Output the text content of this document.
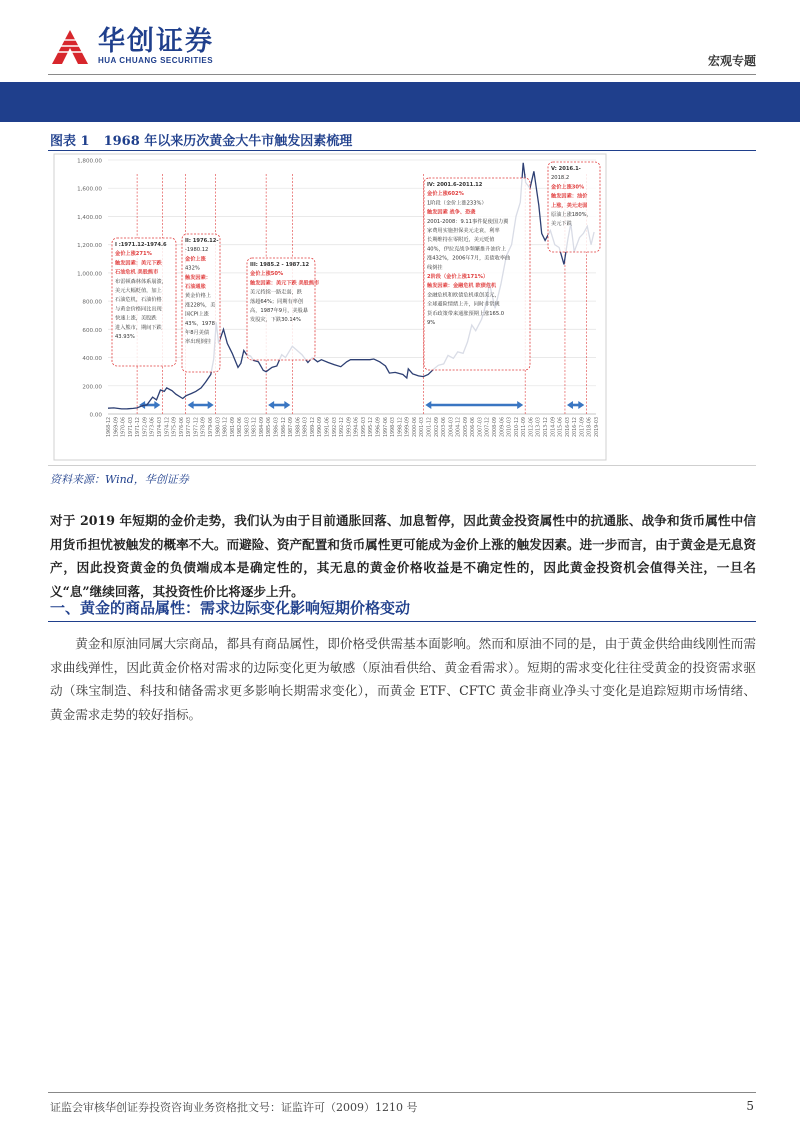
华创证券
HUA CHUANG SECURITIES	宏观专题
图表 1 1968 年以来历次黄金大牛市触发因素梳理
0.00
200.00
400.00
600.00
800.00
1,000.00
1,200.00
1,400.00
1,600.00
1,800.00
1968-12 1969-09 1970-06 1971-03 1971-12 1972-09 1973-06 1974-03 1974-12 1975-09 1976-06 1977-03 1977-12 1978-09 1979-06 1980-03 1980-12 1981-09 1982-06 1983-03 1983-12 1984-09 1985-06 1986-03 1986-12 1987-09 1988-06 1989-03 1989-12 1990-09 1991-06 1992-03 1992-12 1993-09 1994-06 1995-03 1995-12 1996-09 1997-06 1998-03 1998-12 1999-09 2000-06 2001-03 2001-12 2002-09 2003-06 2004-03 2004-12 2005-09 2006-06 2007-03 2007-12 2008-09 2009-06 2010-03 2010-12 2011-09 2012-06 2013-03 2013-12 2014-09 2015-06 2016-03 2016-12 2017-09 2018-06 2019-03
I :1971.12-1974.6
金价上涨271%
触发因素：美元下跌
石油危机 美股熊市
布雷顿森林体系崩溃，
美元大幅贬值，加上
石油危机，石油价格
与黄金价格同比出现
快速上涨，美股跌
进入熊市，期间下跌
43.93%
II: 1976.12-
-1980.12
金价上涨
432%
触发因素：
石油通胀
黄金价格上
涨228%，美
国CPI上涨
43%，1978
年8月美债
率出现倒挂
III: 1985.2 - 1987.12
金价上涨50%
触发因素：美元下跌 美股熊市
美元持续一路走弱，跌
落超64%；同期有率创
高，1987年9月，美股暴
发股灾，下跌30.14%
IV: 2001.6-2011.12
金价上涨602%
1阶段（金价上涨233%）
触发因素 战争、恐袭
2001-2008：9.11事件促使国力翼
家费用实施担保美元走衰，利率
长期维持在零附近，美元贬值
40%，伊拉克战争频繁推升油价上
涨432%，2006年7月，美债收率曲
线倒挂
2阶段（金价上涨171%）
触发因素：金融危机 欧债危机
金融危机和欧债危机重创美元，
全球避险情绪上升，同时非常规
货币政策带来通胀预期上涨165.0
9%
V: 2016.1-
2018.2
金价上涨30%
触发因素：油价
上涨，美元走弱
原油上涨180%，
美元下跌
资料来源：Wind，华创证券
对于 2019 年短期的金价走势，我们认为由于目前通胀回落、加息暂停，因此黄金投资属性中的抗通胀、战争和货币属性中信用货币担忧被触发的概率不大。而避险、资产配置和货币属性更可能成为金价上涨的触发因素。进一步而言，由于黄金是无息资产，因此投资黄金的负债端成本是确定性的，其无息的黄金价格收益是不确定性的，因此黄金投资机会值得关注，一旦名义“息”继续回落，其投资性价比将逐步上升。
一、黄金的商品属性：需求边际变化影响短期价格变动
黄金和原油同属大宗商品，都具有商品属性，即价格受供需基本面影响。然而和原油不同的是，由于黄金供给曲线刚性而需求曲线弹性，因此黄金价格对需求的边际变化更为敏感（原油看供给、黄金看需求）。短期的需求变化往往受黄金的投资需求驱动（珠宝制造、科技和储备需求更多影响长期需求变化），而黄金 ETF、CFTC 黄金非商业净头寸变化是追踪短期市场情绪、黄金需求走势的较好指标。
证监会审核华创证券投资咨询业务资格批文号：证监许可（2009）1210 号	5
